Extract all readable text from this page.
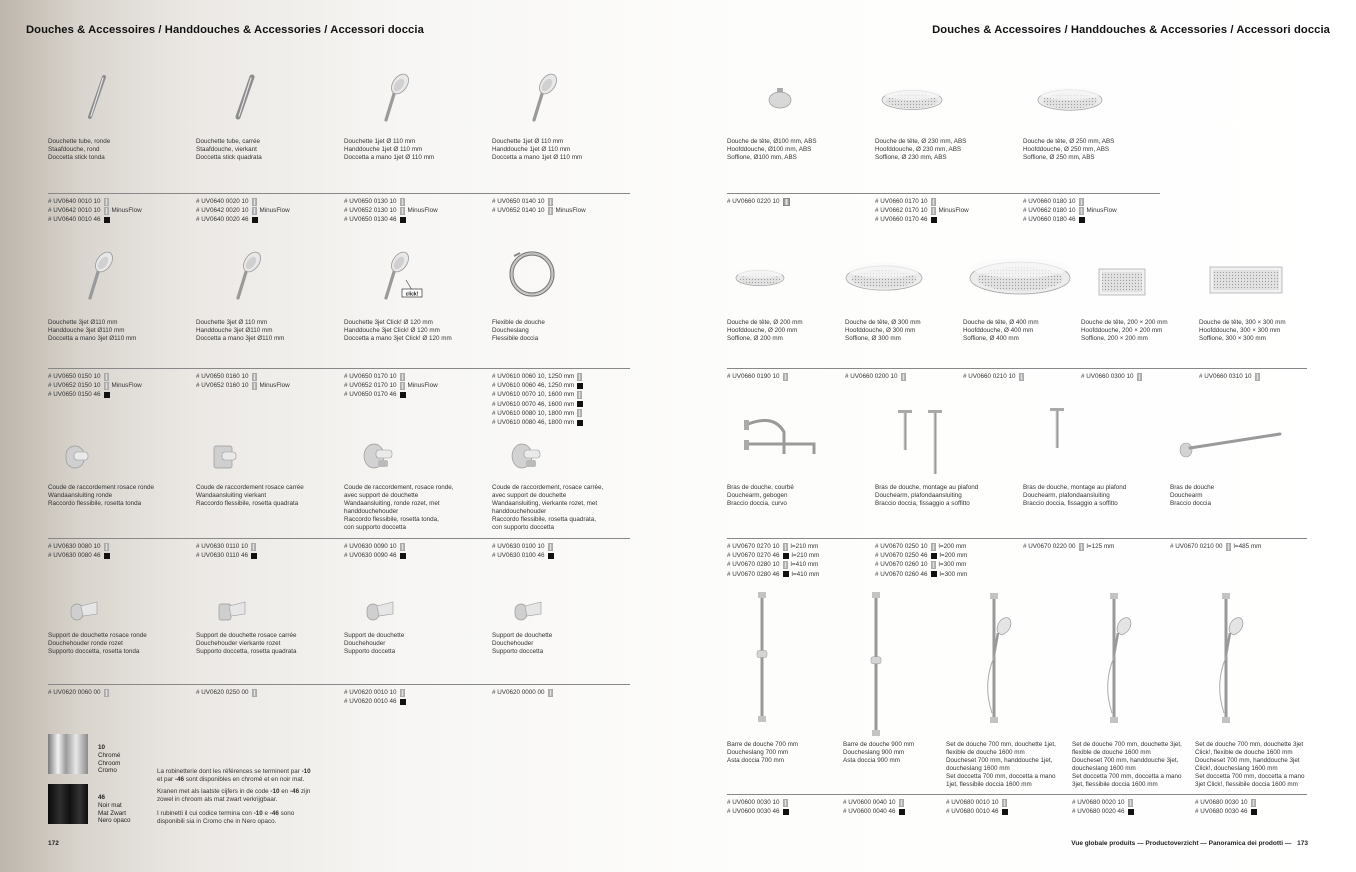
Douches & Accessoires / Handdouches & Accessories / Accessori doccia	Douches & Accessoires / Handdouches & Accessories / Accessori doccia
Douchette tube, ronde
Staafdouche, rond
Doccetta stick tonda
# UV0640 0010 10
# UV0642 0010 10 MinusFlow
# UV0640 0010 46
Douchette tube, carrée
Staafdouche, vierkant
Doccetta stick quadrata
# UV0640 0020 10
# UV0642 0020 10 MinusFlow
# UV0640 0020 46
Douchette 1jet Ø 110 mm
Handdouche 1jet Ø 110 mm
Doccetta a mano 1jet Ø 110 mm
# UV0650 0130 10
# UV0652 0130 10 MinusFlow
# UV0650 0130 46
Douchette 1jet Ø 110 mm
Handdouche 1jet Ø 110 mm
Doccetta a mano 1jet Ø 110 mm
# UV0650 0140 10
# UV0652 0140 10 MinusFlow
Douchette 3jet Ø110 mm
Handdouche 3jet Ø110 mm
Doccetta a mano 3jet Ø110 mm
# UV0650 0150 10
# UV0652 0150 10 MinusFlow
# UV0650 0150 46
Douchette 3jet Ø 110 mm
Handdouche 3jet Ø110 mm
Doccetta a mano 3jet Ø110 mm
# UV0650 0160 10
# UV0652 0160 10 MinusFlow
click!
Douchette 3jet Click! Ø 120 mm
Handdouche 3jet Click! Ø 120 mm
Doccetta a mano 3jet Click! Ø 120 mm
# UV0650 0170 10
# UV0652 0170 10 MinusFlow
# UV0650 0170 46
Flexible de douche
Doucheslang
Flessibile doccia
# UV0610 0060 10, 1250 mm
# UV0610 0060 46, 1250 mm
# UV0610 0070 10, 1600 mm
# UV0610 0070 46, 1600 mm
# UV0610 0080 10, 1800 mm
# UV0610 0080 46, 1800 mm
Coude de raccordement rosace ronde
Wandaansluiting ronde
Raccordo flessibile, rosetta tonda
# UV0630 0080 10
# UV0630 0080 46
Coude de raccordement rosace carrée
Wandaansluiting vierkant
Raccordo flessibile, rosetta quadrata
# UV0630 0110 10
# UV0630 0110 46
Coude de raccordement, rosace ronde,
avec support de douchette
Wandaansluiting, ronde rozet, met
handdouchehouder
Raccordo flessibile, rosetta tonda,
con supporto doccetta
# UV0630 0090 10
# UV0630 0090 46
Coude de raccordement, rosace carrée,
avec support de douchette
Wandaansluiting, vierkante rozet, met
handdouchehouder
Raccordo flessibile, rosetta quadrata,
con supporto doccetta
# UV0630 0100 10
# UV0630 0100 46
Support de douchette rosace ronde
Douchehouder ronde rozet
Supporto doccetta, rosetta tonda
# UV0620 0060 00
Support de douchette rosace carrée
Douchehouder vierkante rozet
Supporto doccetta, rosetta quadrata
# UV0620 0250 00
Support de douchette
Douchehouder
Supporto doccetta
# UV0620 0010 10
# UV0620 0010 46
Support de douchette
Douchehouder
Supporto doccetta
# UV0620 0000 00
Douche de tête, Ø100 mm, ABS
Hoofddouche, Ø100 mm, ABS
Soffione, Ø100 mm, ABS
# UV0660 0220 10
Douche de tête, Ø 230 mm, ABS
Hoofddouche, Ø 230 mm, ABS
Soffione, Ø 230 mm, ABS
# UV0660 0170 10
# UV0662 0170 10 MinusFlow
# UV0660 0170 46
Douche de tête, Ø 250 mm, ABS
Hoofddouche, Ø 250 mm, ABS
Soffione, Ø 250 mm, ABS
# UV0660 0180 10
# UV0662 0180 10 MinusFlow
# UV0660 0180 46
Douche de tête, Ø 200 mm
Hoofddouche, Ø 200 mm
Soffione, Ø 200 mm
# UV0660 0190 10
Douche de tête, Ø 300 mm
Hoofddouche, Ø 300 mm
Soffione, Ø 300 mm
# UV0660 0200 10
Douche de tête, Ø 400 mm
Hoofddouche, Ø 400 mm
Soffione, Ø 400 mm
# UV0660 0210 10
Douche de tête, 200 × 200 mm
Hoofddouche, 200 × 200 mm
Soffione, 200 × 200 mm
# UV0660 0300 10
Douche de tête, 300 × 300 mm
Hoofddouche, 300 × 300 mm
Soffione, 300 × 300 mm
# UV0660 0310 10
Bras de douche, courbé
Douchearm, gebogen
Braccio doccia, curvo
# UV0670 0270 10 l=210 mm
# UV0670 0270 46 l=210 mm
# UV0670 0280 10 l=410 mm
# UV0670 0280 46 l=410 mm
Bras de douche, montage au plafond
Douchearm, plafondaansluiting
Braccio doccia, fissaggio a soffitto
# UV0670 0250 10 l=200 mm
# UV0670 0250 46 l=200 mm
# UV0670 0260 10 l=300 mm
# UV0670 0260 46 l=300 mm
Bras de douche, montage au plafond
Douchearm, plafondaansluiting
Braccio doccia, fissaggio a soffitto
# UV0670 0220 00 l=125 mm
Bras de douche
Douchearm
Braccio doccia
# UV0670 0210 00 l=485 mm
Barre de douche 700 mm
Doucheslang 700 mm
Asta doccia 700 mm
# UV0600 0030 10
# UV0600 0030 46
Barre de douche 900 mm
Doucheslang 900 mm
Asta doccia 900 mm
# UV0600 0040 10
# UV0600 0040 46
Set de douche 700 mm, douchette 1jet,
flexible de douche 1600 mm
Doucheset 700 mm, handdouche 1jet,
doucheslang 1600 mm
Set doccetta 700 mm, doccetta a mano
1jet, flessibile doccia 1600 mm
# UV0680 0010 10
# UV0680 0010 46
Set de douche 700 mm, douchette 3jet,
flexible de douche 1600 mm
Doucheset 700 mm, handdouche 3jet,
doucheslang 1600 mm
Set doccetta 700 mm, doccetta a mano
3jet, flessibile doccia 1600 mm
# UV0680 0020 10
# UV0680 0020 46
Set de douche 700 mm, douchette 3jet
Click!, flexible de douche 1600 mm
Doucheset 700 mm, handdouche 3jet
Click!, doucheslang 1600 mm
Set doccetta 700 mm, doccetta a mano
3jet Click!, flessibile doccia 1600 mm
# UV0680 0030 10
# UV0680 0030 46
10
Chromé
Chroom
Cromo
46
Noir mat
Mat Zwart
Nero opaco
La robinetterie dont les références se terminent par -10
et par -46 sont disponibles en chromé et en noir mat.
Kranen met als laatste cijfers in de code -10 en -46 zijn
zowel in chroom als mat zwart verkrijgbaar.
I rubinetti il cui codice termina con -10 e -46 sono
disponibili sia in Cromo che in Nero opaco.
172	Vue globale produits — Productoverzicht — Panoramica dei prodotti — 173
